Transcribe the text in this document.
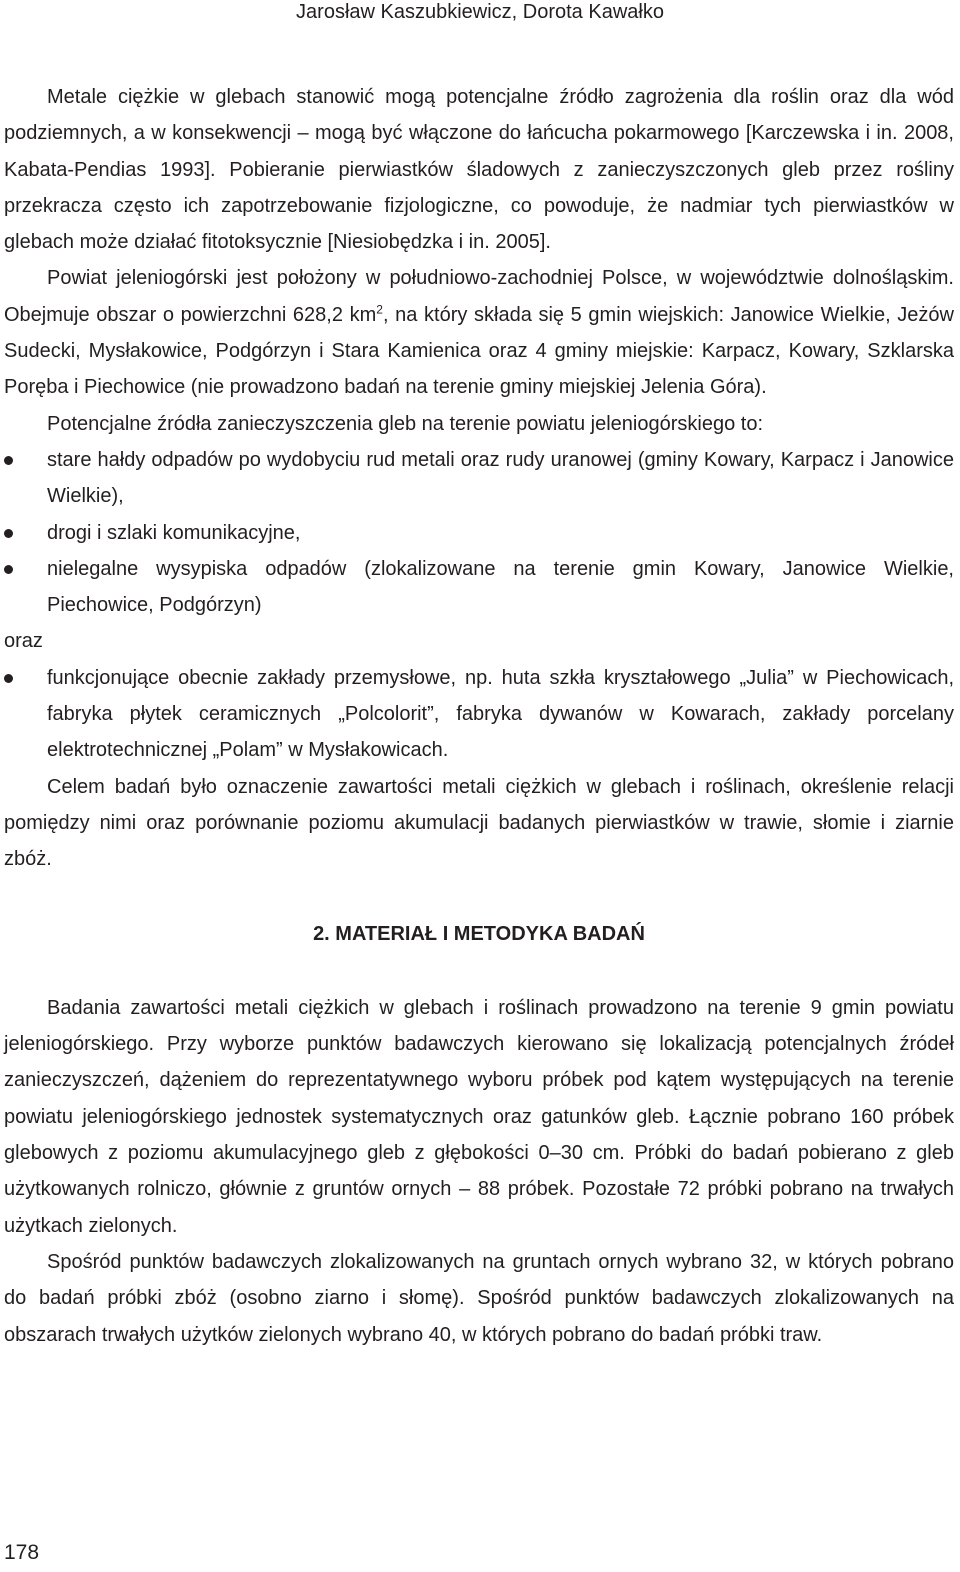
Jarosław Kaszubkiewicz, Dorota Kawałko

Metale ciężkie w glebach stanowić mogą potencjalne źródło zagrożenia dla roślin oraz dla wód podziemnych, a w konsekwencji – mogą być włączone do łańcucha pokarmowego [Karczewska i in. 2008, Kabata-Pendias 1993]. Pobieranie pierwiastków śladowych z zanieczyszczonych gleb przez rośliny przekracza często ich zapotrzebowanie fizjologiczne, co powoduje, że nadmiar tych pierwiastków w glebach może działać fitotoksycznie [Niesiobędzka i in. 2005].

Powiat jeleniogórski jest położony w południowo-zachodniej Polsce, w województwie dolnośląskim. Obejmuje obszar o powierzchni 628,2 $km^2$, na który składa się 5 gmin wiejskich: Janowice Wielkie, Jeżów Sudecki, Mysłakowice, Podgórzyn i Stara Kamienica oraz 4 gminy miejskie: Karpacz, Kowary, Szklarska Poręba i Piechowice (nie prowadzono badań na terenie gminy miejskiej Jelenia Góra).

Potencjalne źródła zanieczyszczenia gleb na terenie powiatu jeleniogórskiego to:

stare hałdy odpadów po wydobyciu rud metali oraz rudy uranowej (gminy Kowary, Karpacz i Janowice Wielkie),

drogi i szlaki komunikacyjne,

nielegalne wysypiska odpadów (zlokalizowane na terenie gmin Kowary, Janowice Wielkie, Piechowice, Podgórzyn)

oraz

funkcjonujące obecnie zakłady przemysłowe, np. huta szkła kryształowego „Julia” w Piechowicach, fabryka płytek ceramicznych „Polcolorit”, fabryka dywanów w Kowarach, zakłady porcelany elektrotechnicznej „Polam” w Mysłakowicach.

Celem badań było oznaczenie zawartości metali ciężkich w glebach i roślinach, określenie relacji pomiędzy nimi oraz porównanie poziomu akumulacji badanych pierwiastków w trawie, słomie i ziarnie zbóż.

2. MATERIAŁ I METODYKA BADAŃ

Badania zawartości metali ciężkich w glebach i roślinach prowadzono na terenie 9 gmin powiatu jeleniogórskiego. Przy wyborze punktów badawczych kierowano się lokalizacją potencjalnych źródeł zanieczyszczeń, dążeniem do reprezentatywnego wyboru próbek pod kątem występujących na terenie powiatu jeleniogórskiego jednostek systematycznych oraz gatunków gleb. Łącznie pobrano 160 próbek glebowych z poziomu akumulacyjnego gleb z głębokości 0–30 cm. Próbki do badań pobierano z gleb użytkowanych rolniczo, głównie z gruntów ornych – 88 próbek. Pozostałe 72 próbki pobrano na trwałych użytkach zielonych.

Spośród punktów badawczych zlokalizowanych na gruntach ornych wybrano 32, w których pobrano do badań próbki zbóż (osobno ziarno i słomę). Spośród punktów badawczych zlokalizowanych na obszarach trwałych użytków zielonych wybrano 40, w których pobrano do badań próbki traw.

178
